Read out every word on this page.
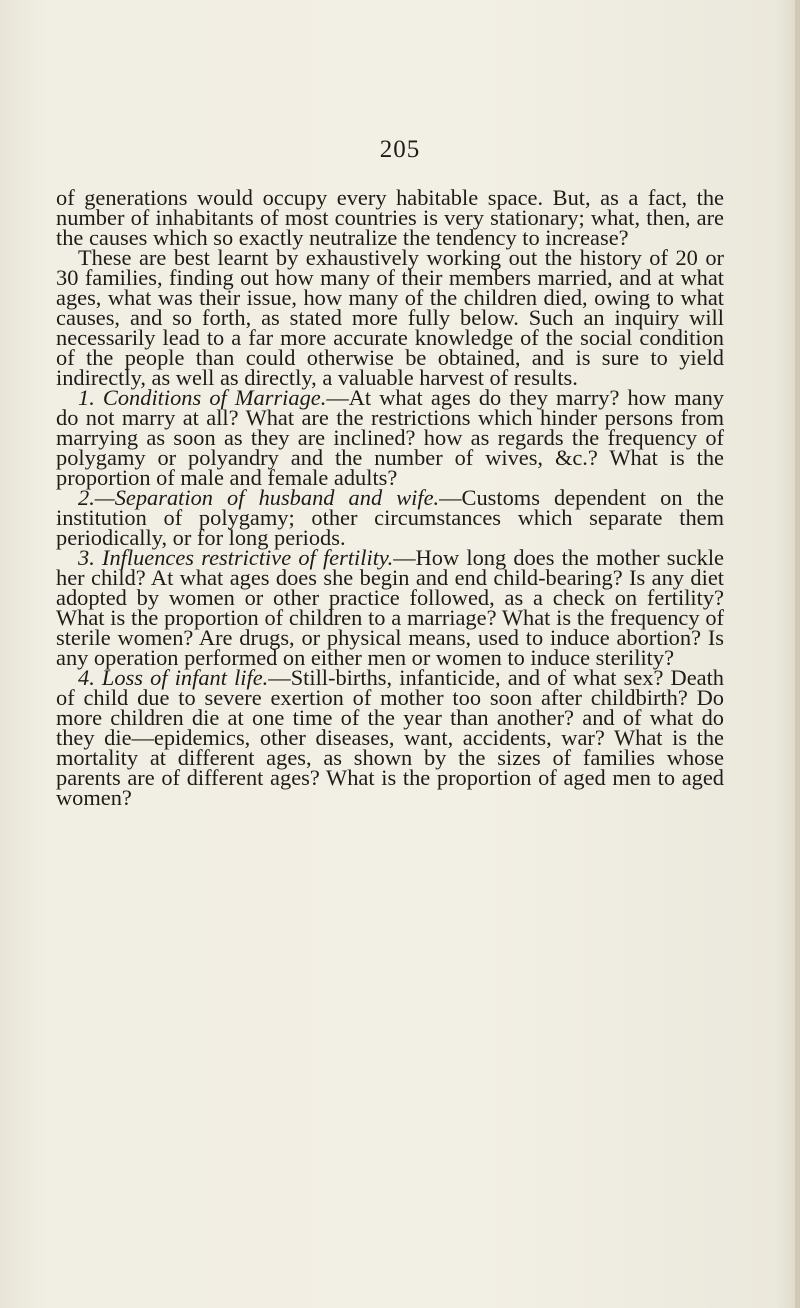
205

of generations would occupy every habitable space. But, as a fact, the number of inhabitants of most countries is very stationary; what, then, are the causes which so exactly neutralize the tendency to increase?

These are best learnt by exhaustively working out the history of 20 or 30 families, finding out how many of their members married, and at what ages, what was their issue, how many of the children died, owing to what causes, and so forth, as stated more fully below. Such an inquiry will necessarily lead to a far more accurate knowledge of the social condition of the people than could otherwise be obtained, and is sure to yield indirectly, as well as directly, a valuable harvest of results.

1. Conditions of Marriage.—At what ages do they marry? how many do not marry at all? What are the restrictions which hinder persons from marrying as soon as they are inclined? how as regards the frequency of polygamy or polyandry and the number of wives, &c.? What is the proportion of male and female adults?

2.—Separation of husband and wife.—Customs dependent on the institution of polygamy; other circumstances which separate them periodically, or for long periods.

3. Influences restrictive of fertility.—How long does the mother suckle her child? At what ages does she begin and end child-bearing? Is any diet adopted by women or other practice followed, as a check on fertility? What is the proportion of children to a marriage? What is the frequency of sterile women? Are drugs, or physical means, used to induce abortion? Is any operation performed on either men or women to induce sterility?

4. Loss of infant life.—Still-births, infanticide, and of what sex? Death of child due to severe exertion of mother too soon after childbirth? Do more children die at one time of the year than another? and of what do they die—epidemics, other diseases, want, accidents, war? What is the mortality at different ages, as shown by the sizes of families whose parents are of different ages? What is the proportion of aged men to aged women?
